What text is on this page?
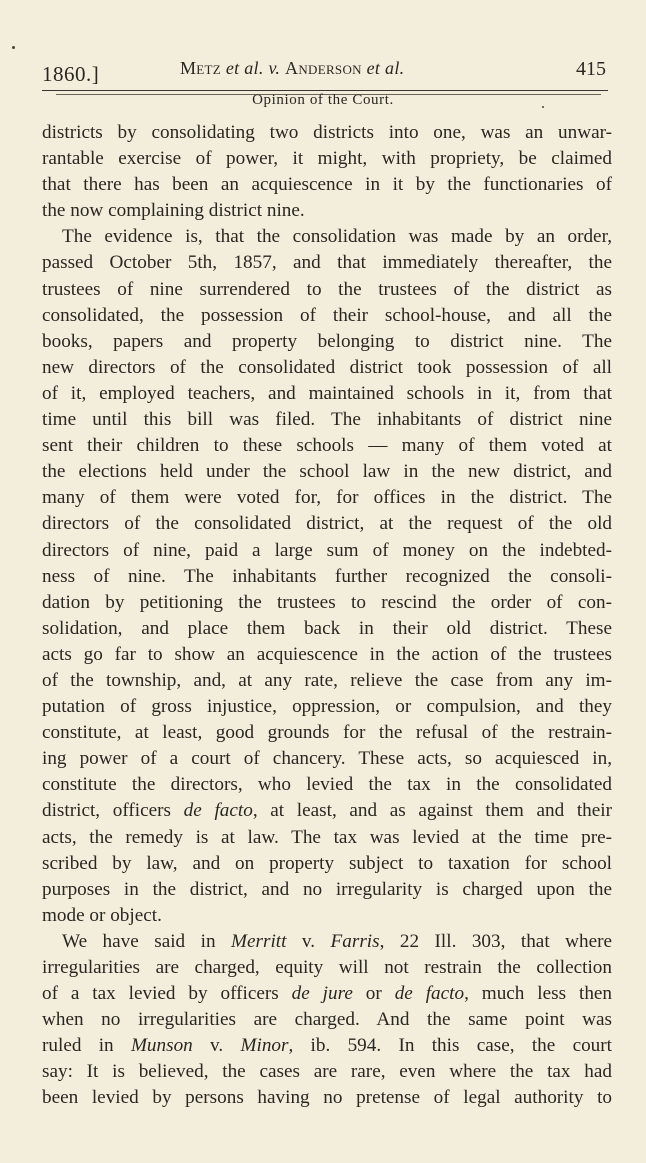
1860.]	Metz et al. v. Anderson et al.	415
Opinion of the Court.
districts by consolidating two districts into one, was an unwar-
rantable exercise of power, it might, with propriety, be claimed
that there has been an acquiescence in it by the functionaries of
the now complaining district nine.
The evidence is, that the consolidation was made by an order,
passed October 5th, 1857, and that immediately thereafter, the
trustees of nine surrendered to the trustees of the district as
consolidated, the possession of their school-house, and all the
books, papers and property belonging to district nine. The
new directors of the consolidated district took possession of all
of it, employed teachers, and maintained schools in it, from that
time until this bill was filed. The inhabitants of district nine
sent their children to these schools — many of them voted at
the elections held under the school law in the new district, and
many of them were voted for, for offices in the district. The
directors of the consolidated district, at the request of the old
directors of nine, paid a large sum of money on the indebted-
ness of nine. The inhabitants further recognized the consoli-
dation by petitioning the trustees to rescind the order of con-
solidation, and place them back in their old district. These
acts go far to show an acquiescence in the action of the trustees
of the township, and, at any rate, relieve the case from any im-
putation of gross injustice, oppression, or compulsion, and they
constitute, at least, good grounds for the refusal of the restrain-
ing power of a court of chancery. These acts, so acquiesced in,
constitute the directors, who levied the tax in the consolidated
district, officers de facto, at least, and as against them and their
acts, the remedy is at law. The tax was levied at the time pre-
scribed by law, and on property subject to taxation for school
purposes in the district, and no irregularity is charged upon the
mode or object.
We have said in Merritt v. Farris, 22 Ill. 303, that where
irregularities are charged, equity will not restrain the collection
of a tax levied by officers de jure or de facto, much less then
when no irregularities are charged. And the same point was
ruled in Munson v. Minor, ib. 594. In this case, the court
say: It is believed, the cases are rare, even where the tax had
been levied by persons having no pretense of legal authority to
